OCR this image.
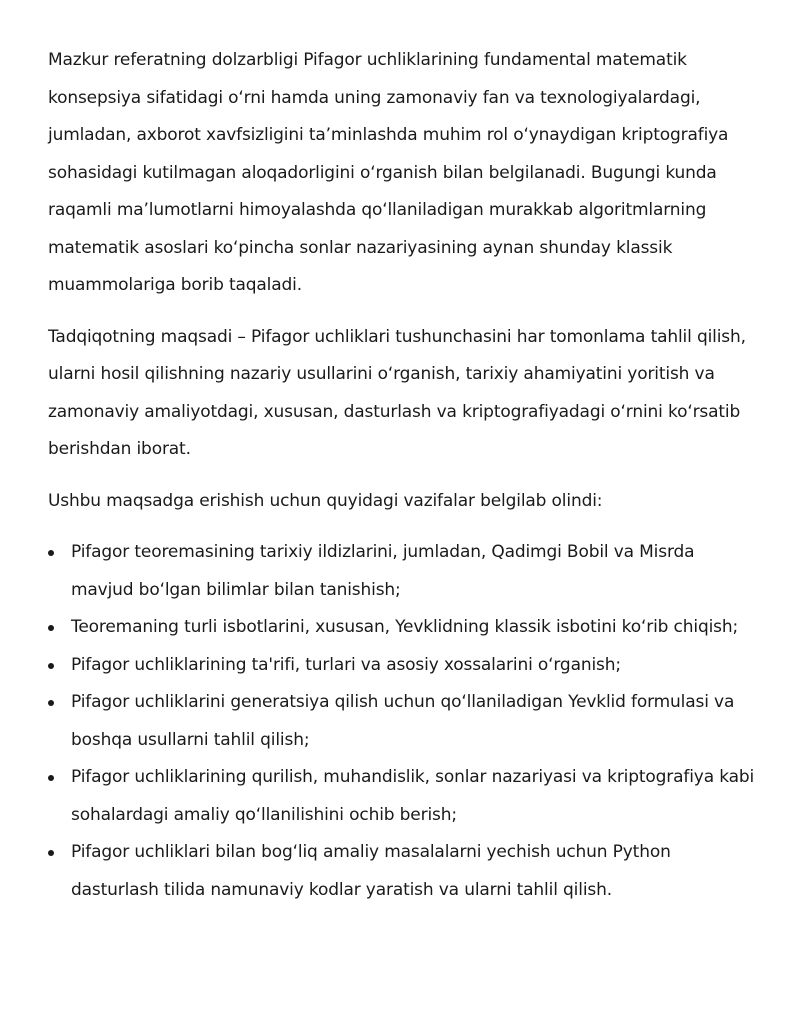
Mazkur referatning dolzarbligi Pifagor uchliklarining fundamental matematik konsepsiya sifatidagi o‘rni hamda uning zamonaviy fan va texnologiyalardagi, jumladan, axborot xavfsizligini ta’minlashda muhim rol o‘ynaydigan kriptografiya sohasidagi kutilmagan aloqadorligini o‘rganish bilan belgilanadi. Bugungi kunda raqamli ma’lumotlarni himoyalashda qo‘llaniladigan murakkab algoritmlarning matematik asoslari ko‘pincha sonlar nazariyasining aynan shunday klassik muammolariga borib taqaladi.

Tadqiqotning maqsadi – Pifagor uchliklari tushunchasini har tomonlama tahlil qilish, ularni hosil qilishning nazariy usullarini o‘rganish, tarixiy ahamiyatini yoritish va zamonaviy amaliyotdagi, xususan, dasturlash va kriptografiyadagi o‘rnini ko‘rsatib berishdan iborat.

Ushbu maqsadga erishish uchun quyidagi vazifalar belgilab olindi:

Pifagor teoremasining tarixiy ildizlarini, jumladan, Qadimgi Bobil va Misrda mavjud bo‘lgan bilimlar bilan tanishish;
Teoremaning turli isbotlarini, xususan, Yevklidning klassik isbotini ko‘rib chiqish;
Pifagor uchliklarining ta'rifi, turlari va asosiy xossalarini o‘rganish;
Pifagor uchliklarini generatsiya qilish uchun qo‘llaniladigan Yevklid formulasi va boshqa usullarni tahlil qilish;
Pifagor uchliklarining qurilish, muhandislik, sonlar nazariyasi va kriptografiya kabi sohalardagi amaliy qo‘llanilishini ochib berish;
Pifagor uchliklari bilan bog‘liq amaliy masalalarni yechish uchun Python dasturlash tilida namunaviy kodlar yaratish va ularni tahlil qilish.
